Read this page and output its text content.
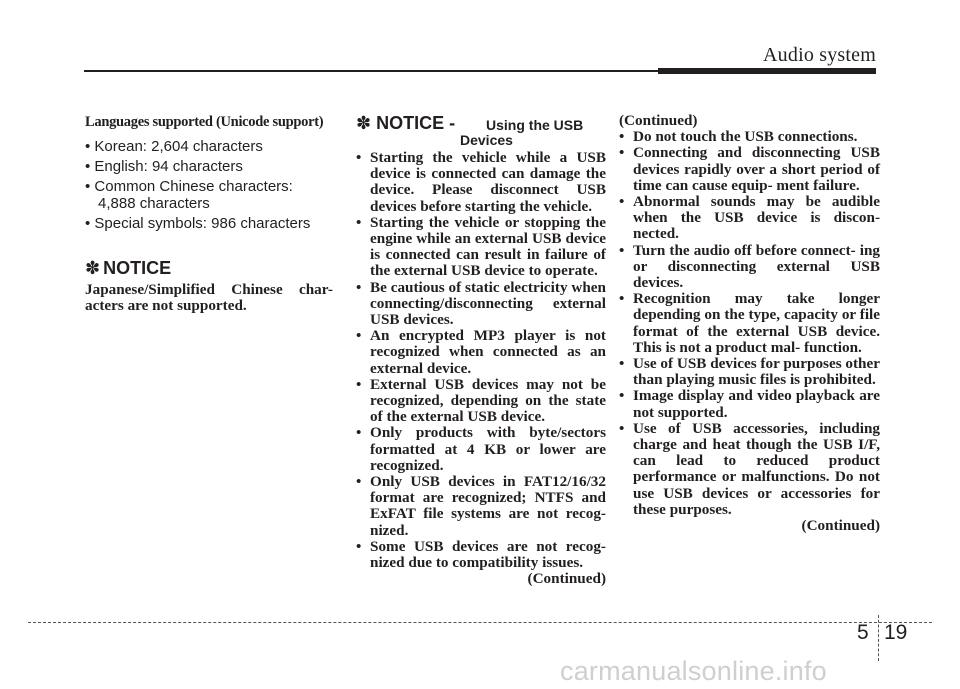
Audio system
Languages supported (Unicode support)
• Korean: 2,604 characters
• English: 94 characters
• Common Chinese characters: 4,888 characters
• Special symbols: 986 characters
✽ NOTICE

Japanese/Simplified Chinese char- acters are not supported.

✽ NOTICE - Using the USB
Devices
• Starting the vehicle while a USB device is connected can damage the device. Please disconnect USB devices before starting the vehicle.
• Starting the vehicle or stopping the engine while an external USB device is connected can result in failure of the external USB device to operate.
• Be cautious of static electricity when connecting/disconnecting external USB devices.
• An encrypted MP3 player is not recognized when connected as an external device.
• External USB devices may not be recognized, depending on the state of the external USB device.
• Only products with byte/sectors formatted at 4 KB or lower are recognized.
• Only USB devices in FAT12/16/32 format are recognized; NTFS and ExFAT file systems are not recog- nized.
• Some USB devices are not recog- nized due to compatibility issues.
(Continued)
(Continued)
• Do not touch the USB connections.
• Connecting and disconnecting USB devices rapidly over a short period of time can cause equip- ment failure.
• Abnormal sounds may be audible when the USB device is discon- nected.
• Turn the audio off before connect- ing or disconnecting external USB devices.
• Recognition may take longer depending on the type, capacity or file format of the external USB device. This is not a product mal- function.
• Use of USB devices for purposes other than playing music files is prohibited.
• Image display and video playback are not supported.
• Use of USB accessories, including charge and heat though the USB I/F, can lead to reduced product performance or malfunctions. Do not use USB devices or accessories for these purposes.
(Continued)
5 19
carmanualsonline.info
